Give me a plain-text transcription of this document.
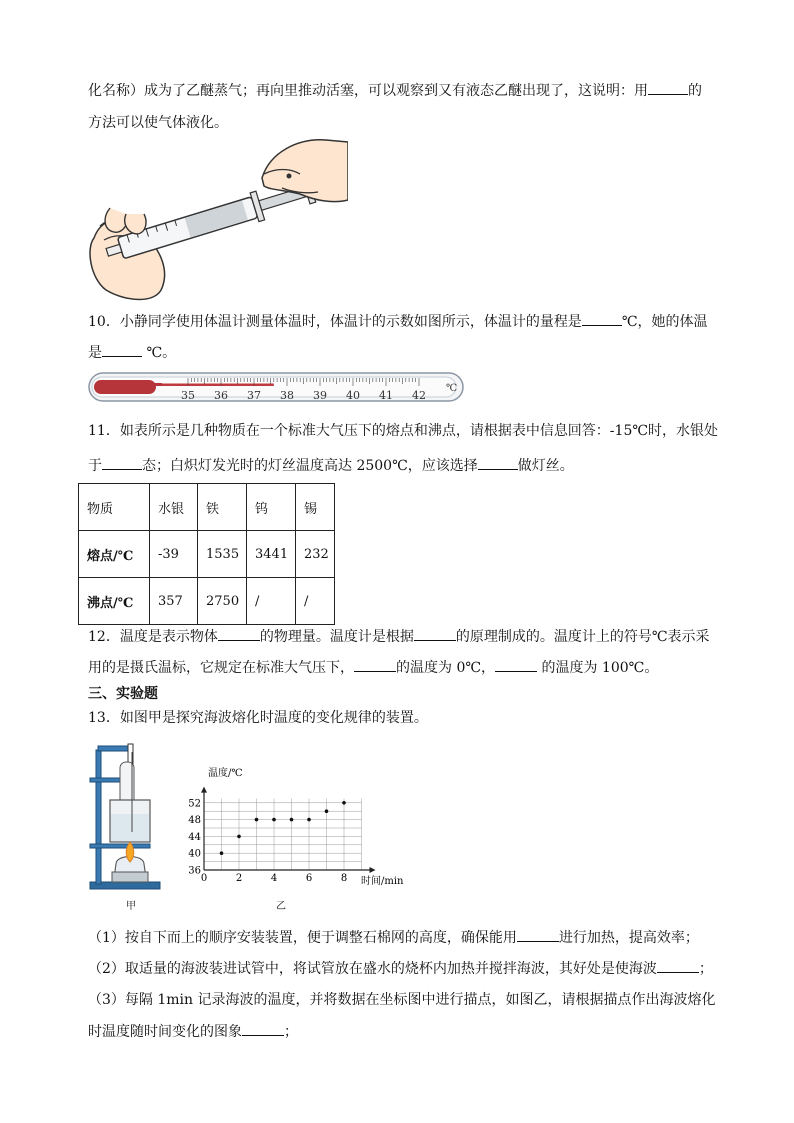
化名称）成为了乙醚蒸气；再向里推动活塞，可以观察到又有液态乙醚出现了，这说明：用	的
方法可以使气体液化。
10．小静同学使用体温计测量体温时，体温计的示数如图所示，体温计的量程是	℃，她的体温
是	℃。
35 36 37 38 39 40 41 42
℃
11．如表所示是几种物质在一个标准大气压下的熔点和沸点，请根据表中信息回答：-15℃时，水银处
于	态；白炽灯发光时的灯丝温度高达 2500℃，应该选择	做灯丝。
物质	水银	铁	钨	锡
熔点/℃	-39	1535	3441	232
沸点/℃	357	2750	/	/
12．温度是表示物体	的物理量。温度计是根据	的原理制成的。温度计上的符号℃表示采
用的是摄氏温标，它规定在标准大气压下，	的温度为 0℃，	的温度为 100℃。
三、实验题
13．如图甲是探究海波熔化时温度的变化规律的装置。
甲
0	2	4	6	8
36
40
44
48
52
温度/℃
时间/min
乙
（1）按自下而上的顺序安装装置，便于调整石棉网的高度，确保能用	进行加热，提高效率；
（2）取适量的海波装进试管中，将试管放在盛水的烧杯内加热并搅拌海波，其好处是使海波	；
（3）每隔 1min 记录海波的温度，并将数据在坐标图中进行描点，如图乙，请根据描点作出海波熔化
时温度随时间变化的图象	；
